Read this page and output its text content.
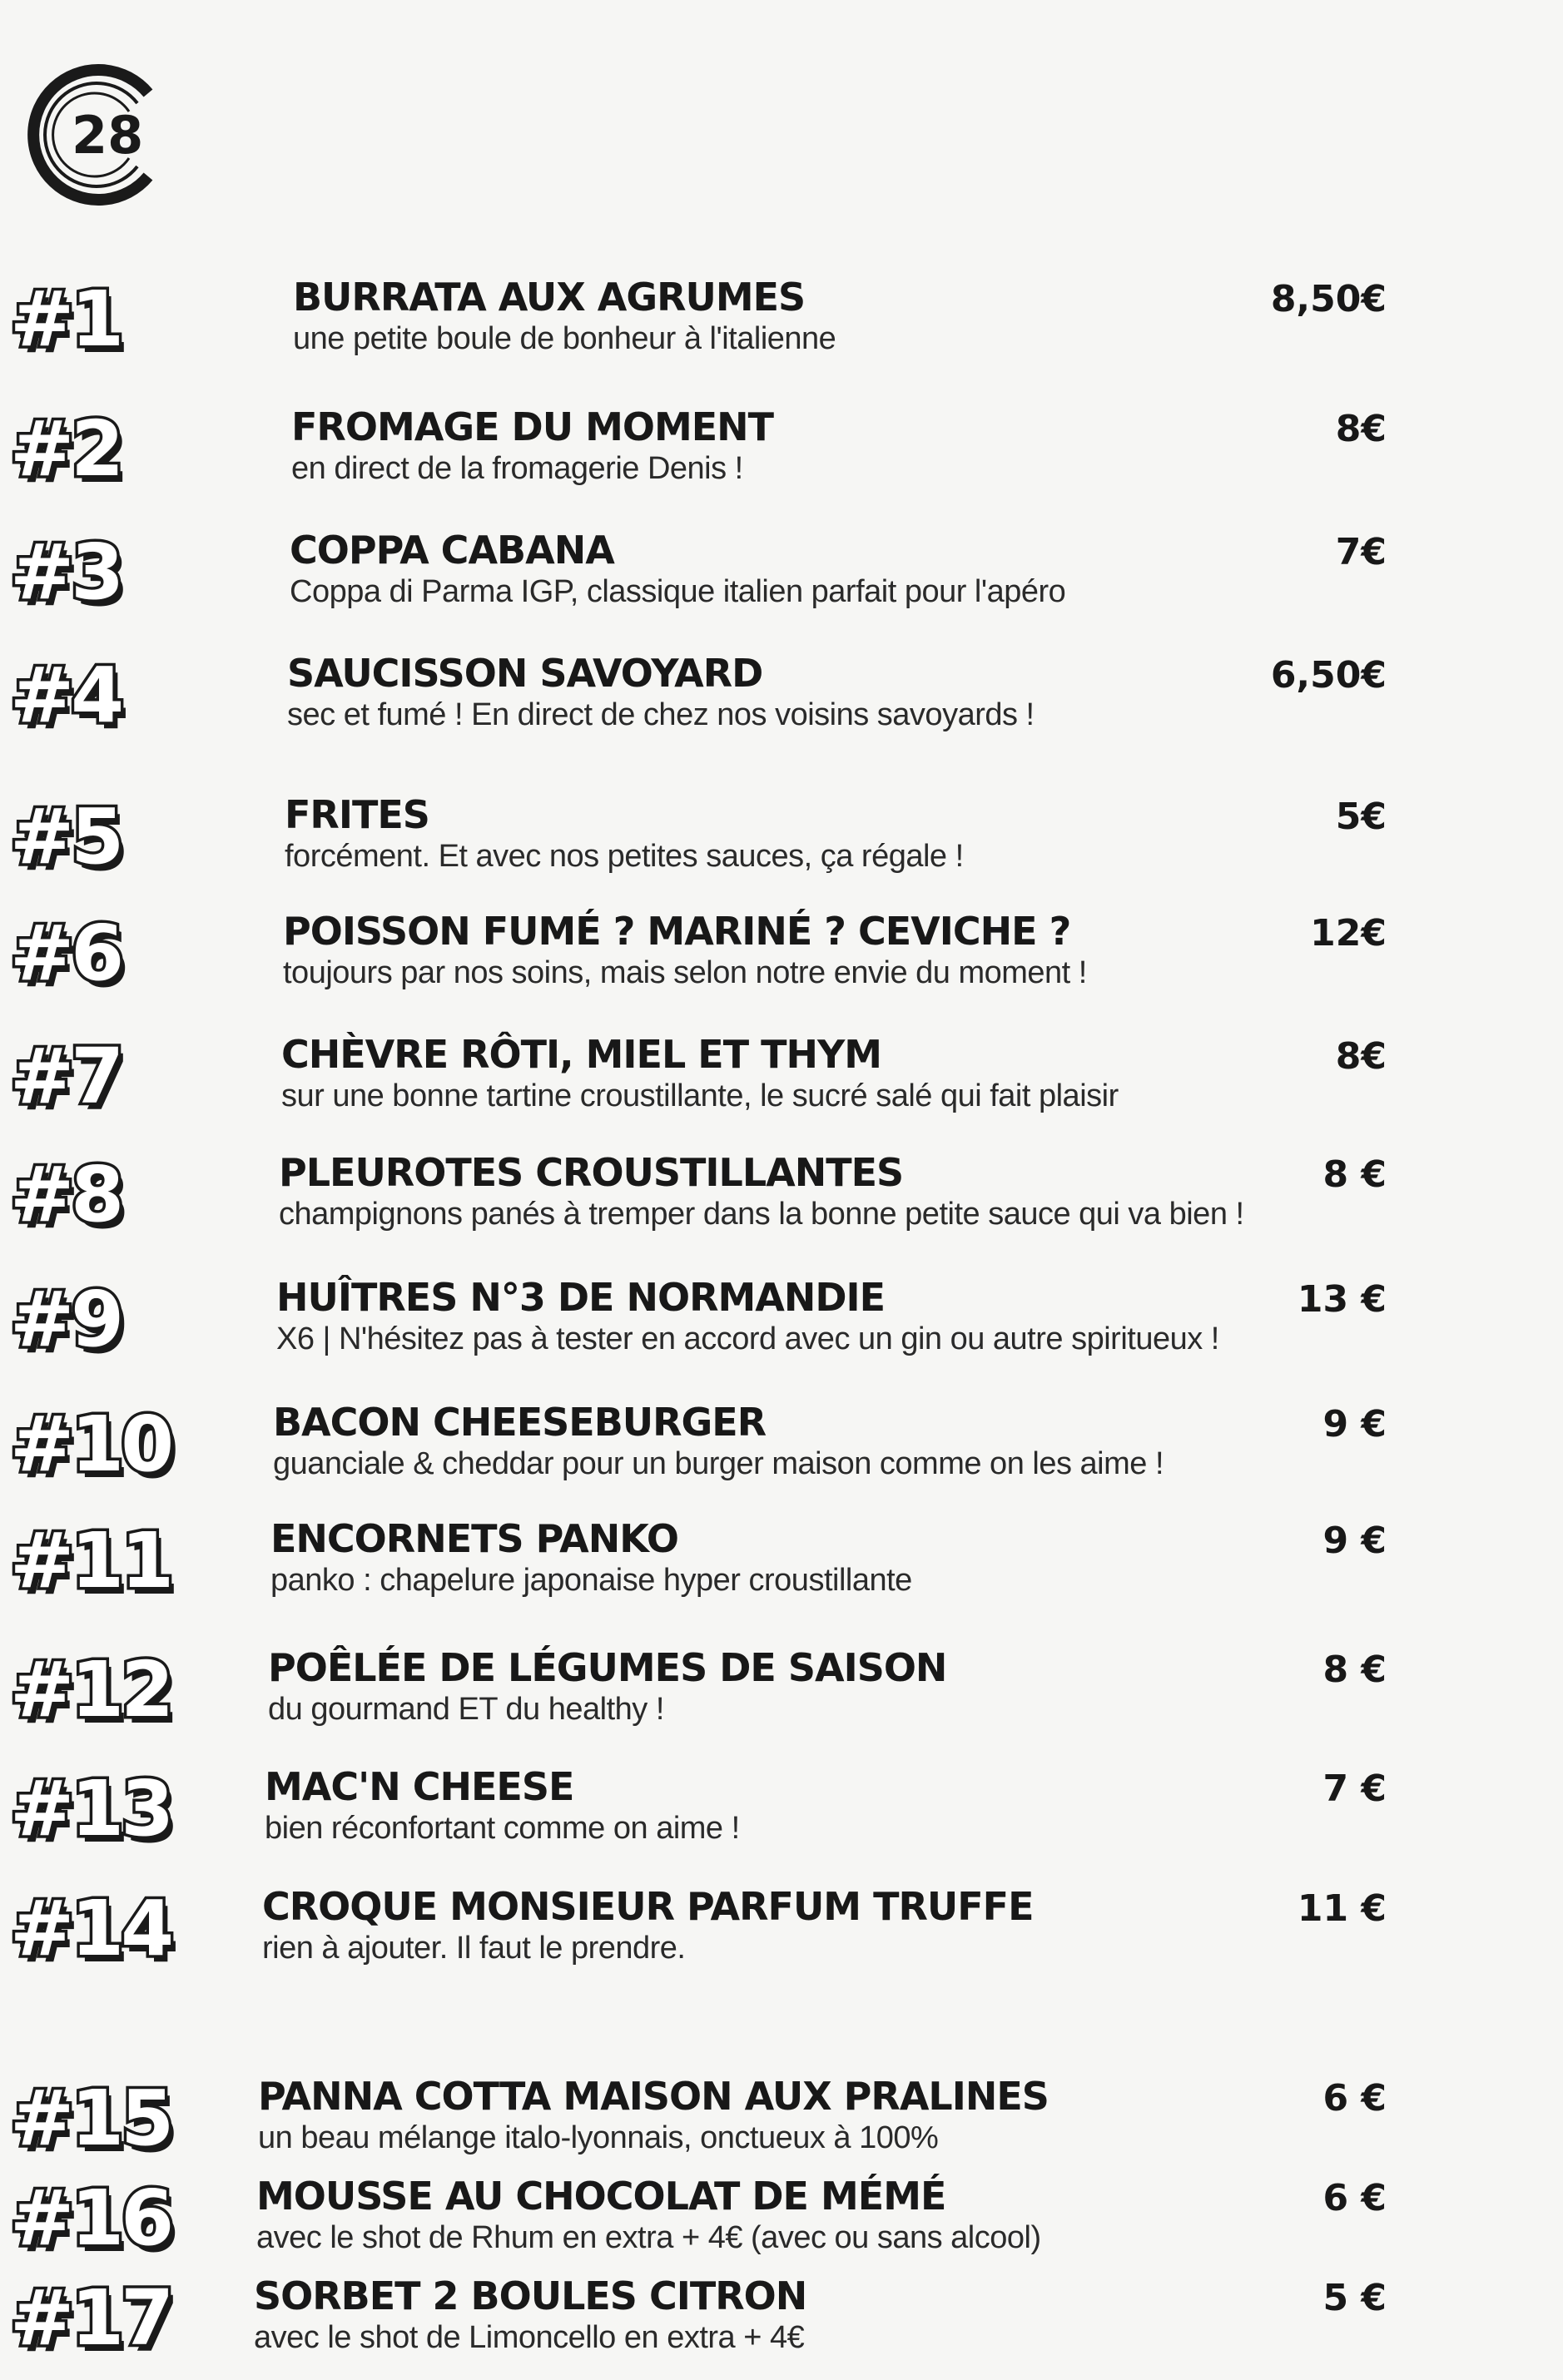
28
#1	BURRATA AUX AGRUMES
une petite boule de bonheur à l'italienne
8,50€
#2	FROMAGE DU MOMENT
en direct de la fromagerie Denis !
8€
#3	COPPA CABANA
Coppa di Parma IGP, classique italien parfait pour l'apéro
7€
#4	SAUCISSON SAVOYARD
sec et fumé ! En direct de chez nos voisins savoyards !
6,50€
#5	FRITES
forcément. Et avec nos petites sauces, ça régale !
5€
#6	POISSON FUMÉ ? MARINÉ ? CEVICHE ?
toujours par nos soins, mais selon notre envie du moment !
12€
#7	CHÈVRE RÔTI, MIEL ET THYM
sur une bonne tartine croustillante, le sucré salé qui fait plaisir
8€
#8	PLEUROTES CROUSTILLANTES
champignons panés à tremper dans la bonne petite sauce qui va bien !
8 €
#9	HUÎTRES N°3 DE NORMANDIE
X6 | N'hésitez pas à tester en accord avec un gin ou autre spiritueux !
13 €
#10	BACON CHEESEBURGER
guanciale & cheddar pour un burger maison comme on les aime !
9 €
#11	ENCORNETS PANKO
panko : chapelure japonaise hyper croustillante
9 €
#12	POÊLÉE DE LÉGUMES DE SAISON
du gourmand ET du healthy !
8 €
#13 MAC'N CHEESE
bien réconfortant comme on aime !
7 €
#14 CROQUE MONSIEUR PARFUM TRUFFE
rien à ajouter. Il faut le prendre.
11 €
#15 PANNA COTTA MAISON AUX PRALINES
un beau mélange italo-lyonnais, onctueux à 100%
6 €
#16 MOUSSE AU CHOCOLAT DE MÉMÉ
avec le shot de Rhum en extra + 4€ (avec ou sans alcool)
6 €
#17 SORBET 2 BOULES CITRON
avec le shot de Limoncello en extra + 4€
5 €
